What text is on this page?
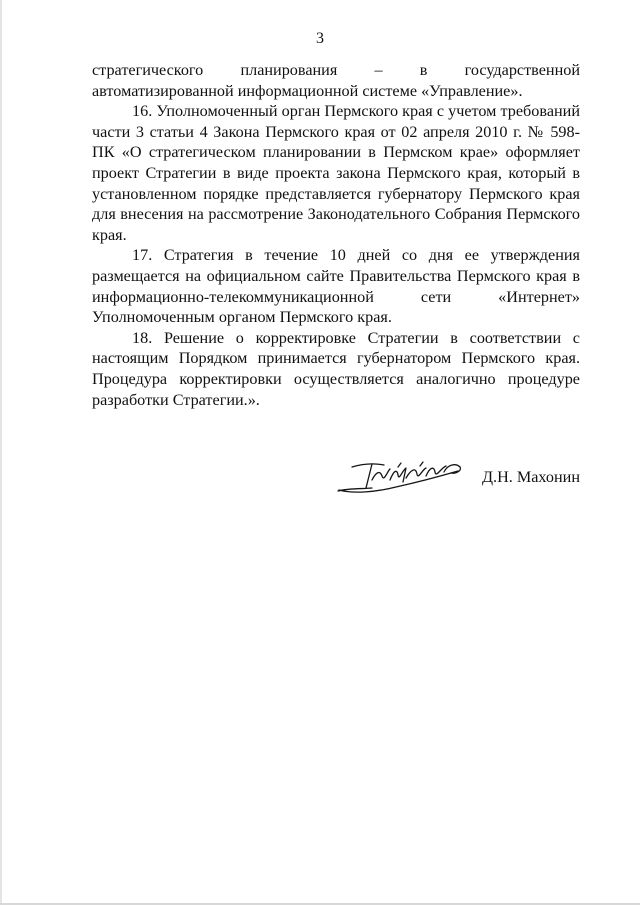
3

стратегического планирования – в государственной автоматизированной информационной системе «Управление».

16. Уполномоченный орган Пермского края с учетом требований части 3 статьи 4 Закона Пермского края от 02 апреля 2010 г. № 598-ПК «О стратегическом планировании в Пермском крае» оформляет проект Стратегии в виде проекта закона Пермского края, который в установленном порядке представляется губернатору Пермского края для внесения на рассмотрение Законодательного Собрания Пермского края.

17. Стратегия в течение 10 дней со дня ее утверждения размещается на официальном сайте Правительства Пермского края в информационно-телекоммуникационной сети «Интернет» Уполномоченным органом Пермского края.

18. Решение о корректировке Стратегии в соответствии с настоящим Порядком принимается губернатором Пермского края. Процедура корректировки осуществляется аналогично процедуре разработки Стратегии.».

Д.Н. Махонин
